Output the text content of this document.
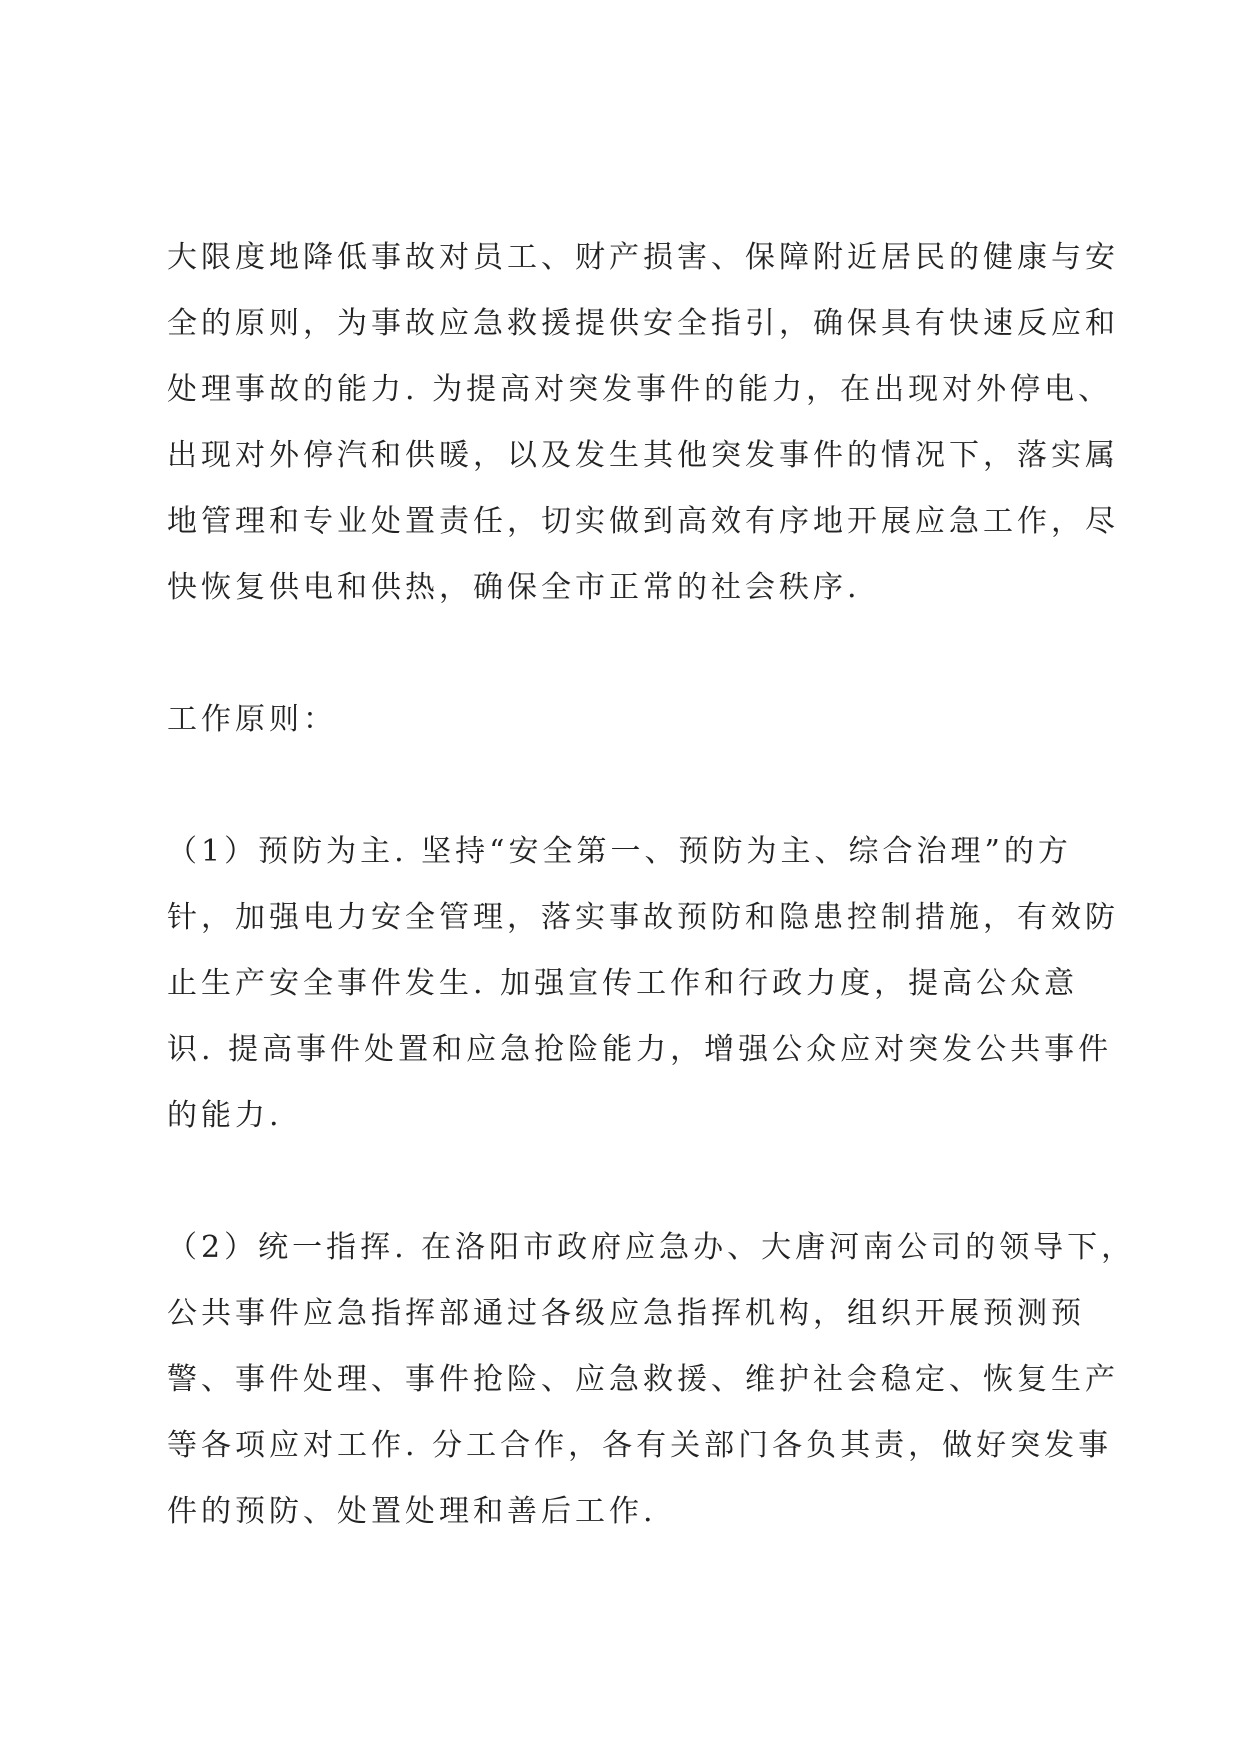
大限度地降低事故对员工、财产损害、保障附近居民的健康与安
全的原则，为事故应急救援提供安全指引，确保具有快速反应和
处理事故的能力. 为提高对突发事件的能力，在出现对外停电、
出现对外停汽和供暖，以及发生其他突发事件的情况下，落实属
地管理和专业处置责任，切实做到高效有序地开展应急工作，尽
快恢复供电和供热，确保全市正常的社会秩序.

工作原则：

（1）预防为主. 坚持“安全第一、预防为主、综合治理”的方
针，加强电力安全管理，落实事故预防和隐患控制措施，有效防
止生产安全事件发生. 加强宣传工作和行政力度，提高公众意
识. 提高事件处置和应急抢险能力，增强公众应对突发公共事件
的能力.

（2）统一指挥. 在洛阳市政府应急办、大唐河南公司的领导下，
公共事件应急指挥部通过各级应急指挥机构，组织开展预测预
警、事件处理、事件抢险、应急救援、维护社会稳定、恢复生产
等各项应对工作. 分工合作，各有关部门各负其责，做好突发事
件的预防、处置处理和善后工作.
